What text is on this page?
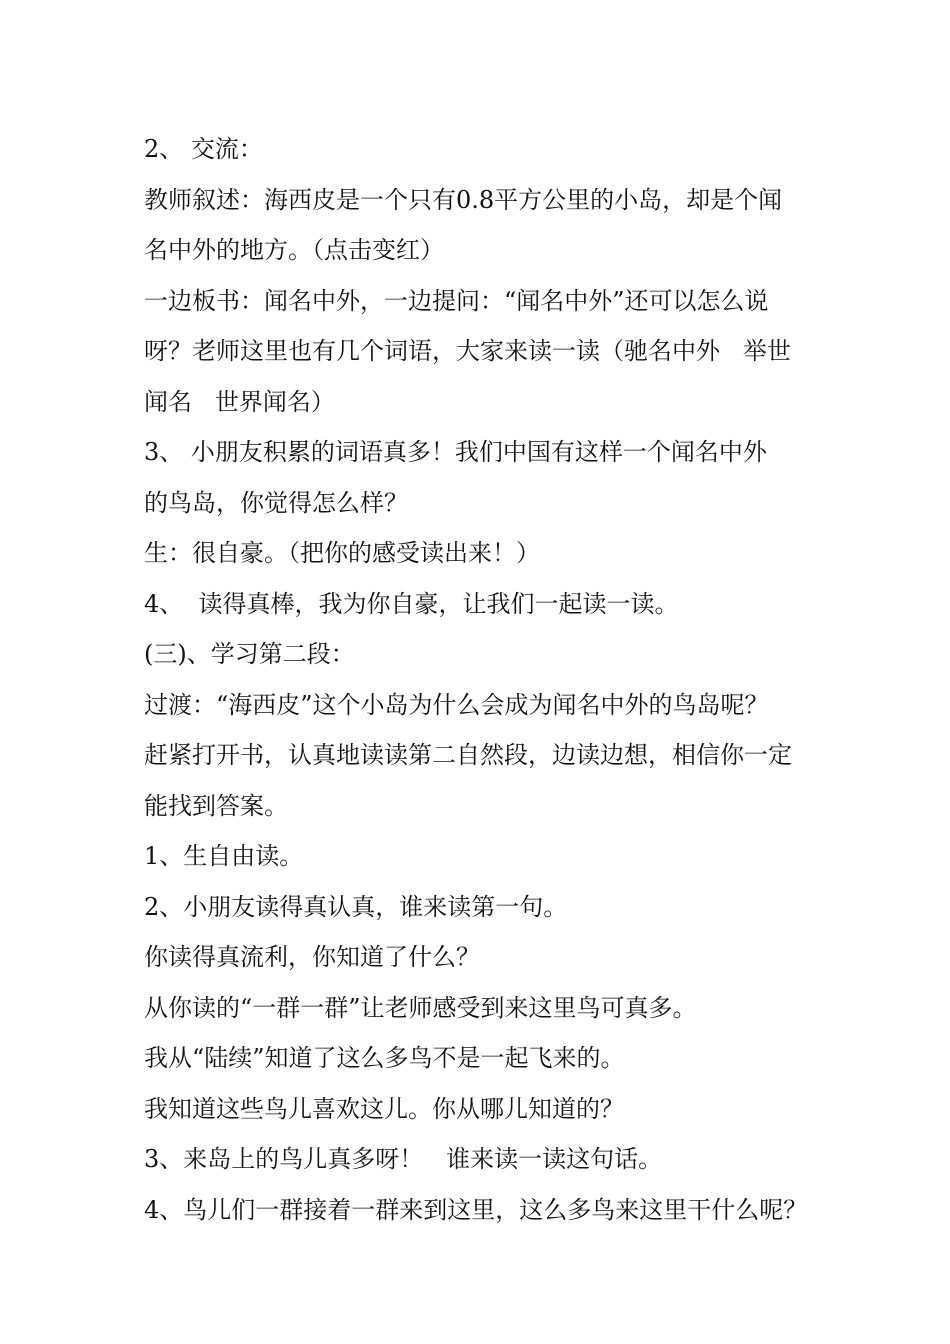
2、 交流：

教师叙述：海西皮是一个只有0.8平方公里的小岛，却是个闻

名中外的地方。（点击变红）

一边板书：闻名中外，一边提问：“闻名中外”还可以怎么说

呀？老师这里也有几个词语，大家来读一读（驰名中外   举世

闻名   世界闻名）

3、 小朋友积累的词语真多！我们中国有这样一个闻名中外

的鸟岛，你觉得怎么样？

生：很自豪。（把你的感受读出来！）

4、  读得真棒，我为你自豪，让我们一起读一读。

(三)、学习第二段：

过渡：“海西皮”这个小岛为什么会成为闻名中外的鸟岛呢？

赶紧打开书，认真地读读第二自然段，边读边想，相信你一定

能找到答案。

1、生自由读。

2、小朋友读得真认真，谁来读第一句。

你读得真流利，你知道了什么？

从你读的“一群一群”让老师感受到来这里鸟可真多。

我从“陆续”知道了这么多鸟不是一起飞来的。

我知道这些鸟儿喜欢这儿。你从哪儿知道的？

3、来岛上的鸟儿真多呀！   谁来读一读这句话。

4、鸟儿们一群接着一群来到这里，这么多鸟来这里干什么呢？
